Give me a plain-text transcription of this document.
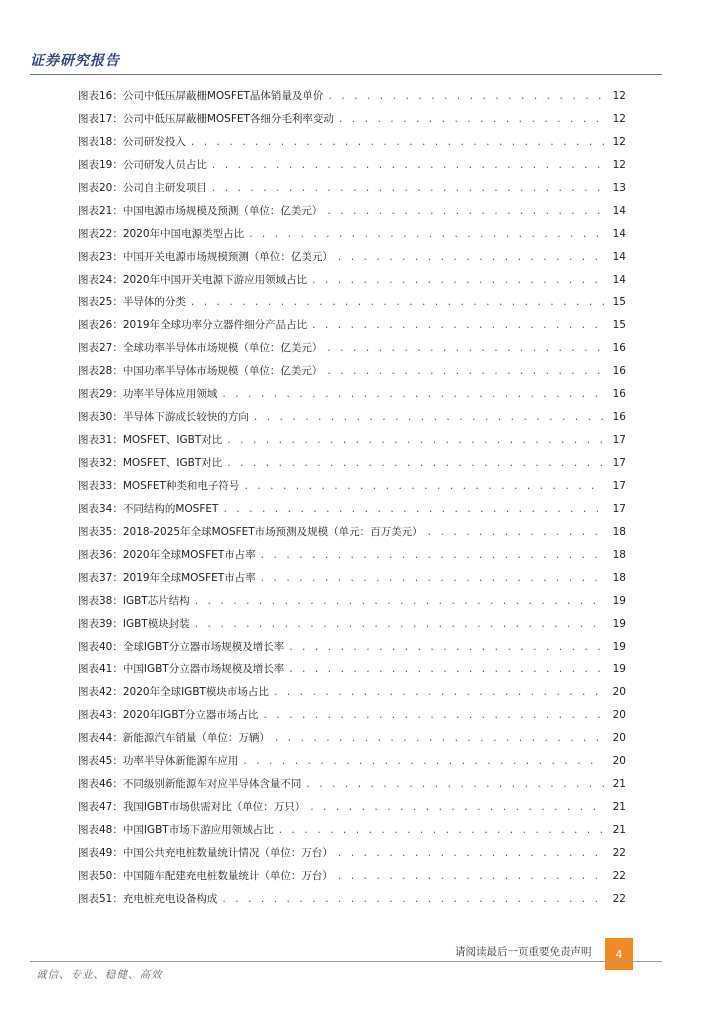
证券研究报告
图表16：公司中低压屏蔽栅MOSFET晶体销量及单价 . . .	12
图表17：公司中低压屏蔽栅MOSFET各细分毛利率变动 . . .	12
图表18：公司研发投入 . . .	12
图表19：公司研发人员占比 . . .	12
图表20：公司自主研发项目 . . .	13
图表21：中国电源市场规模及预测（单位：亿美元） . . .	14
图表22：2020年中国电源类型占比 . . .	14
图表23：中国开关电源市场规模预测（单位：亿美元） . . .	14
图表24：2020年中国开关电源下游应用领域占比 . . .	14
图表25：半导体的分类 . . .	15
图表26：2019年全球功率分立器件细分产品占比 . . .	15
图表27：全球功率半导体市场规模（单位：亿美元） . . .	16
图表28：中国功率半导体市场规模（单位：亿美元） . . .	16
图表29：功率半导体应用领域 . . .	16
图表30：半导体下游成长较快的方向 . . .	16
图表31：MOSFET、IGBT对比 . . .	17
图表32：MOSFET、IGBT对比 . . .	17
图表33：MOSFET种类和电子符号 . . .	17
图表34：不同结构的MOSFET . . .	17
图表35：2018-2025年全球MOSFET市场预测及规模（单元：百万美元） . . .	18
图表36：2020年全球MOSFET市占率 . . .	18
图表37：2019年全球MOSFET市占率 . . .	18
图表38：IGBT芯片结构 . . .	19
图表39：IGBT模块封装 . . .	19
图表40：全球IGBT分立器市场规模及增长率 . . .	19
图表41：中国IGBT分立器市场规模及增长率 . . .	19
图表42：2020年全球IGBT模块市场占比 . . .	20
图表43：2020年IGBT分立器市场占比 . . .	20
图表44：新能源汽车销量（单位：万辆） . . .	20
图表45：功率半导体新能源车应用 . . .	20
图表46：不同级别新能源车对应半导体含量不同 . . .	21
图表47：我国IGBT市场供需对比（单位：万只） . . .	21
图表48：中国IGBT市场下游应用领域占比 . . .	21
图表49：中国公共充电桩数量统计情况（单位：万台） . . .	22
图表50：中国随车配建充电桩数量统计（单位：万台） . . .	22
图表51：充电桩充电设备构成 . . .	22
请阅读最后一页重要免责声明	4
诚信、专业、稳健、高效
